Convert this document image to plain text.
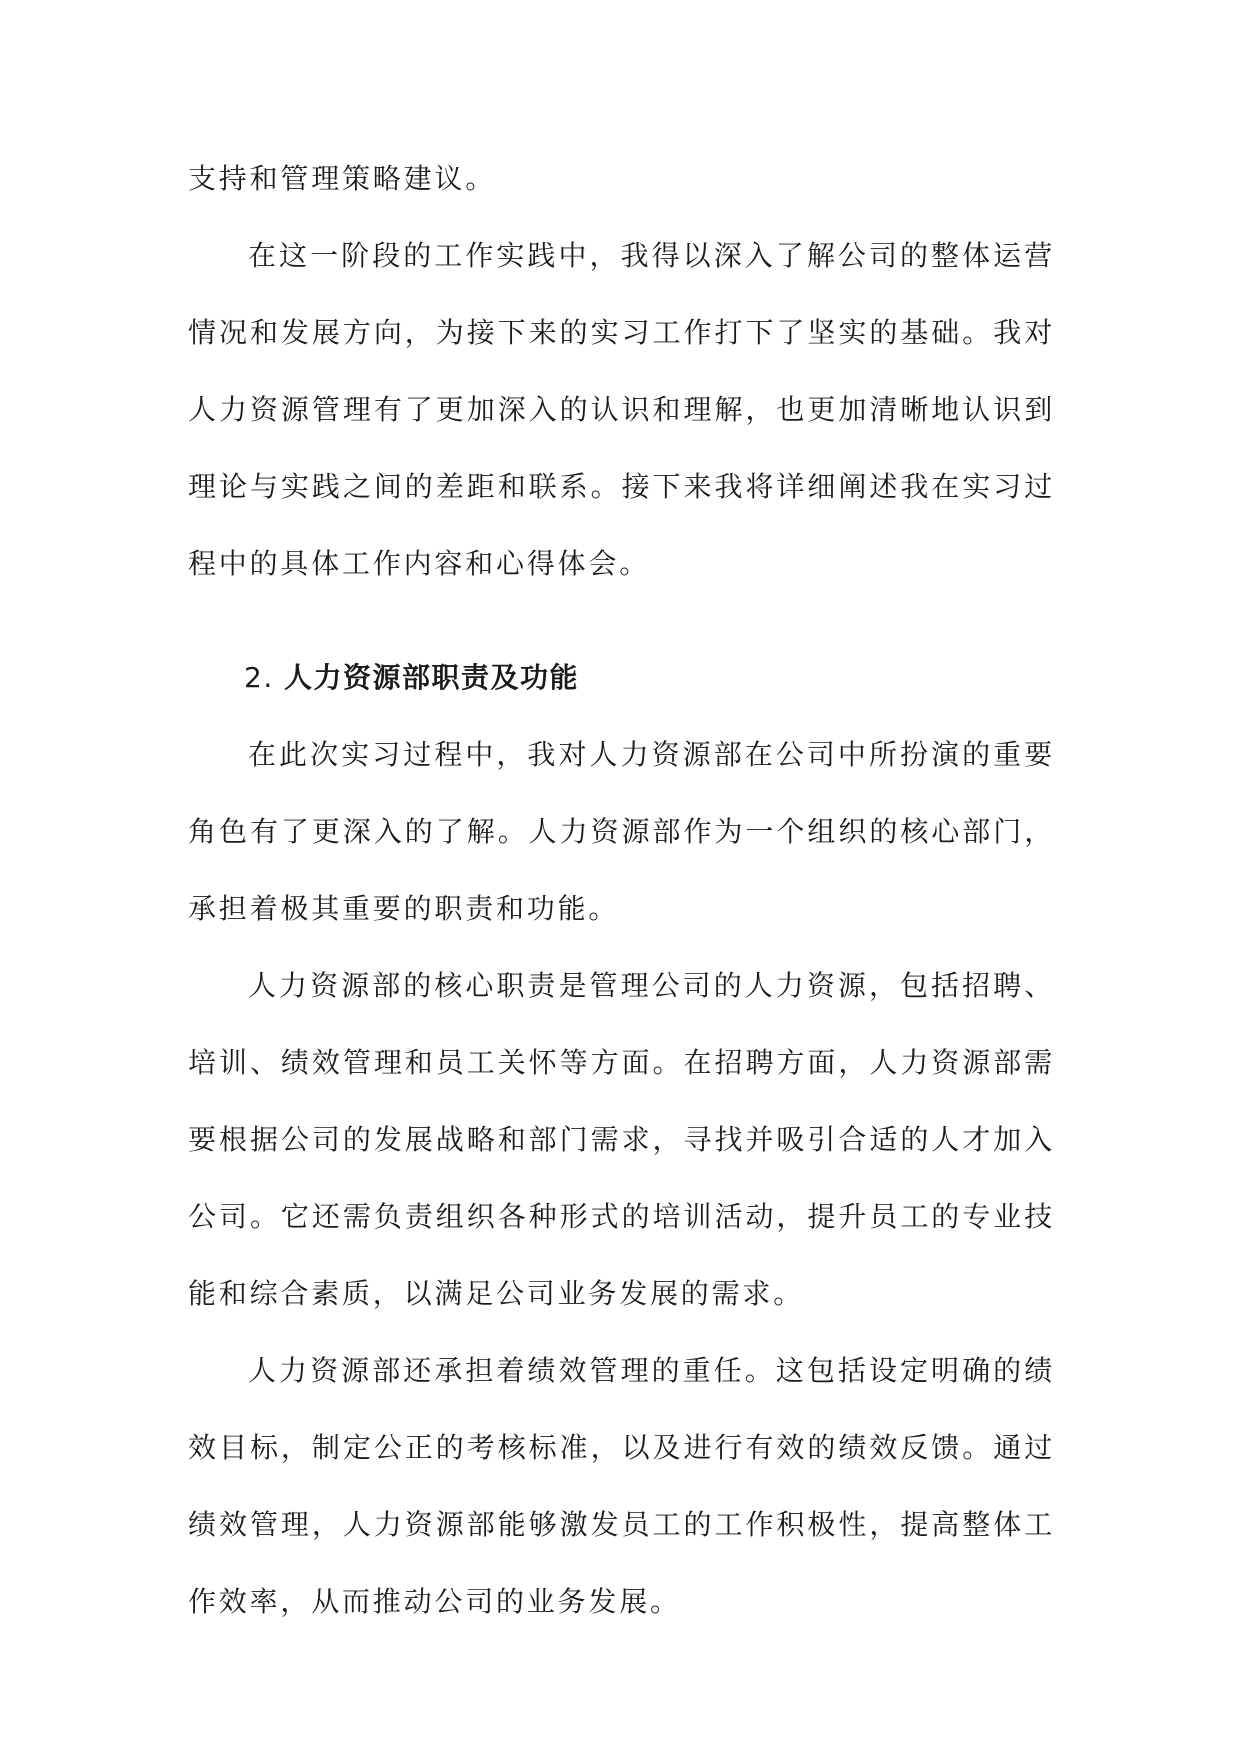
支持和管理策略建议。

在这一阶段的工作实践中，我得以深入了解公司的整体运营情况和发展方向，为接下来的实习工作打下了坚实的基础。我对人力资源管理有了更加深入的认识和理解，也更加清晰地认识到理论与实践之间的差距和联系。接下来我将详细阐述我在实习过程中的具体工作内容和心得体会。

2. 人力资源部职责及功能

在此次实习过程中，我对人力资源部在公司中所扮演的重要角色有了更深入的了解。人力资源部作为一个组织的核心部门，承担着极其重要的职责和功能。

人力资源部的核心职责是管理公司的人力资源，包括招聘、培训、绩效管理和员工关怀等方面。在招聘方面，人力资源部需要根据公司的发展战略和部门需求，寻找并吸引合适的人才加入公司。它还需负责组织各种形式的培训活动，提升员工的专业技能和综合素质，以满足公司业务发展的需求。

人力资源部还承担着绩效管理的重任。这包括设定明确的绩效目标，制定公正的考核标准，以及进行有效的绩效反馈。通过绩效管理，人力资源部能够激发员工的工作积极性，提高整体工作效率，从而推动公司的业务发展。
